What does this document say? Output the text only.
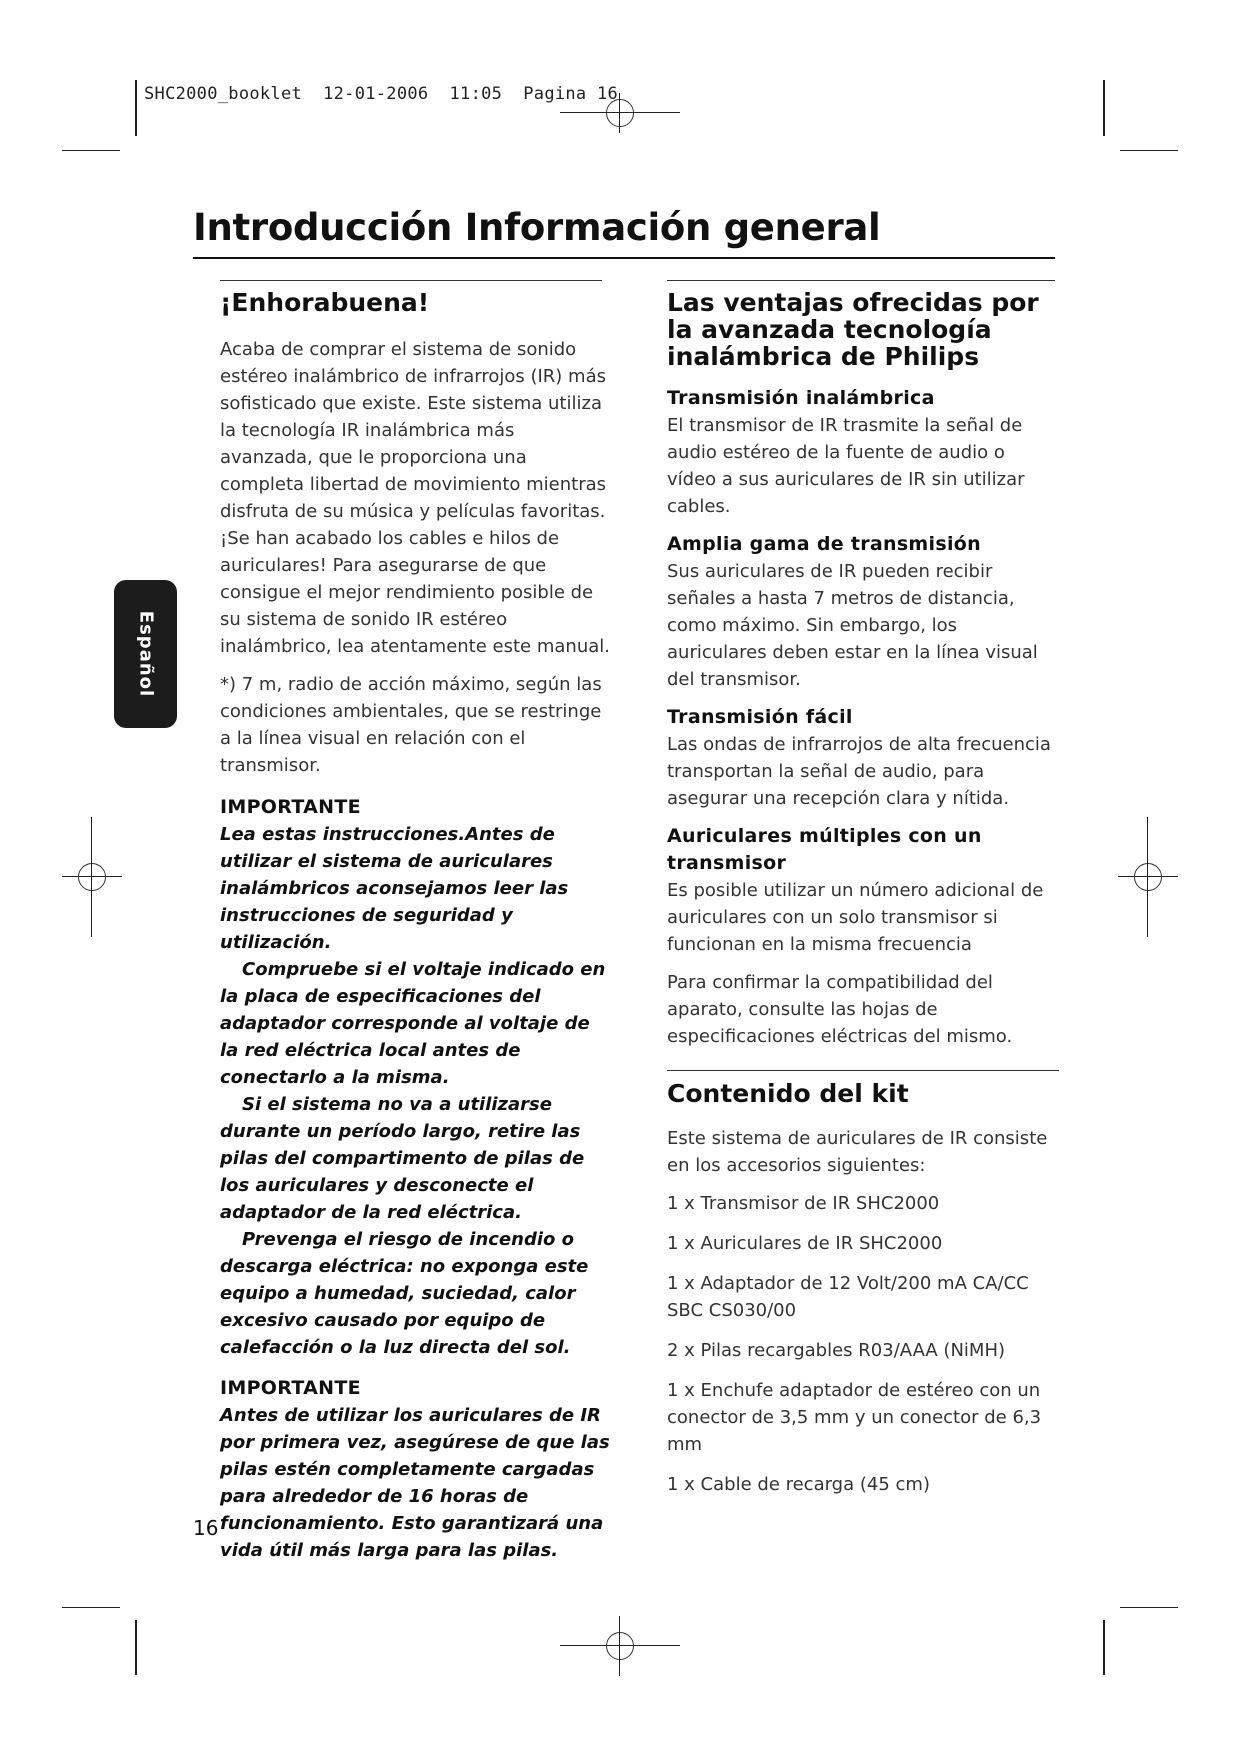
SHC2000_booklet  12-01-2006  11:05  Pagina 16
Introducción Información general
Español
¡Enhorabuena!

Acaba de comprar el sistema de sonido estéreo inalámbrico de infrarrojos (IR) más sofisticado que existe. Este sistema utiliza la tecnología IR inalámbrica más avanzada, que le proporciona una completa libertad de movimiento mientras disfruta de su música y películas favoritas. ¡Se han acabado los cables e hilos de auriculares! Para asegurarse de que consigue el mejor rendimiento posible de su sistema de sonido IR estéreo inalámbrico, lea atentamente este manual.

*) 7 m, radio de acción máximo, según las condiciones ambientales, que se restringe a la línea visual en relación con el transmisor.

IMPORTANTE

Lea estas instrucciones.Antes de utilizar el sistema de auriculares inalámbricos aconsejamos leer las instrucciones de seguridad y utilización.

Compruebe si el voltaje indicado en la placa de especificaciones del adaptador corresponde al voltaje de la red eléctrica local antes de conectarlo a la misma.

Si el sistema no va a utilizarse durante un período largo, retire las pilas del compartimento de pilas de los auriculares y desconecte el adaptador de la red eléctrica.

Prevenga el riesgo de incendio o descarga eléctrica: no exponga este equipo a humedad, suciedad, calor excesivo causado por equipo de calefacción o la luz directa del sol.

IMPORTANTE

Antes de utilizar los auriculares de IR por primera vez, asegúrese de que las pilas estén completamente cargadas para alrededor de 16 horas de funcionamiento. Esto garantizará una vida útil más larga para las pilas.

Las ventajas ofrecidas por la avanzada tecnología inalámbrica de Philips
Transmisión inalámbrica

El transmisor de IR trasmite la señal de audio estéreo de la fuente de audio o vídeo a sus auriculares de IR sin utilizar cables.

Amplia gama de transmisión

Sus auriculares de IR pueden recibir señales a hasta 7 metros de distancia, como máximo. Sin embargo, los auriculares deben estar en la línea visual del transmisor.

Transmisión fácil

Las ondas de infrarrojos de alta frecuencia transportan la señal de audio, para asegurar una recepción clara y nítida.

Auriculares múltiples con un transmisor

Es posible utilizar un número adicional de auriculares con un solo transmisor si funcionan en la misma frecuencia

Para confirmar la compatibilidad del aparato, consulte las hojas de especificaciones eléctricas del mismo.

Contenido del kit

Este sistema de auriculares de IR consiste en los accesorios siguientes:

1 x Transmisor de IR SHC2000

1 x Auriculares de IR SHC2000

1 x Adaptador de 12 Volt/200 mA CA/CC SBC CS030/00

2 x Pilas recargables R03/AAA (NiMH)

1 x Enchufe adaptador de estéreo con un conector de 3,5 mm y un conector de 6,3 mm

1 x Cable de recarga (45 cm)

16
